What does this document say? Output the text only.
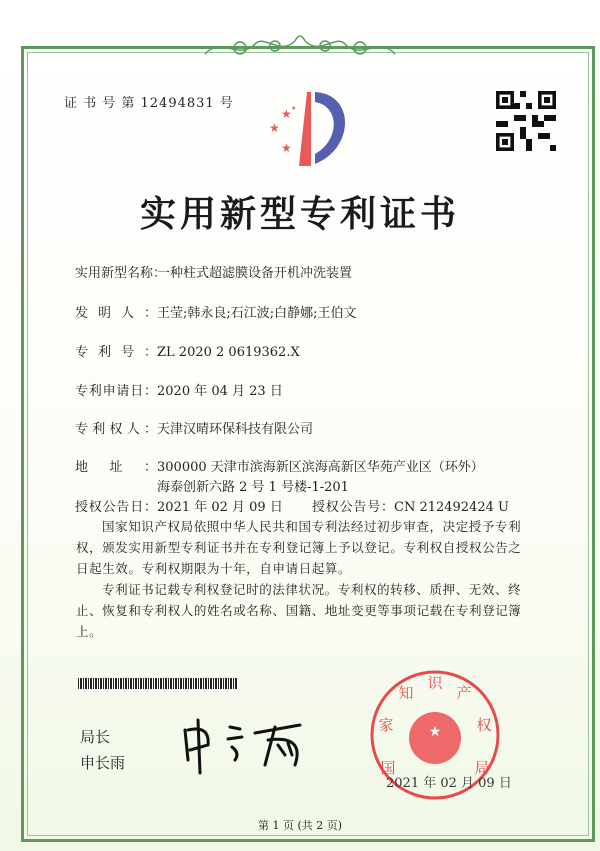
证 书 号 第 12494831 号
★
★
★
★
实用新型专利证书
实用新型名称：一种柱式超滤膜设备开机冲洗装置
发明人：王莹;韩永良;石江波;白静娜;王伯文
专利号：ZL 2020 2 0619362.X
专利申请日：2020 年 04 月 23 日
专利权人：天津汉晴环保科技有限公司
地址：300000 天津市滨海新区滨海高新区华苑产业区（环外）
海泰创新六路 2 号 1 号楼-1-201
授权公告日：2021 年 02 月 09 日 授权公告号：CN 212492424 U

国家知识产权局依照中华人民共和国专利法经过初步审查，决定授予专利权，颁发实用新型专利证书并在专利登记簿上予以登记。专利权自授权公告之日起生效。专利权期限为十年，自申请日起算。

专利证书记载专利权登记时的法律状况。专利权的转移、质押、无效、终止、恢复和专利权人的姓名或名称、国籍、地址变更等事项记载在专利登记簿上。

局长
申长雨
★
国
家
知
识
产
权
局
2021 年 02 月 09 日
第 1 页 (共 2 页)
